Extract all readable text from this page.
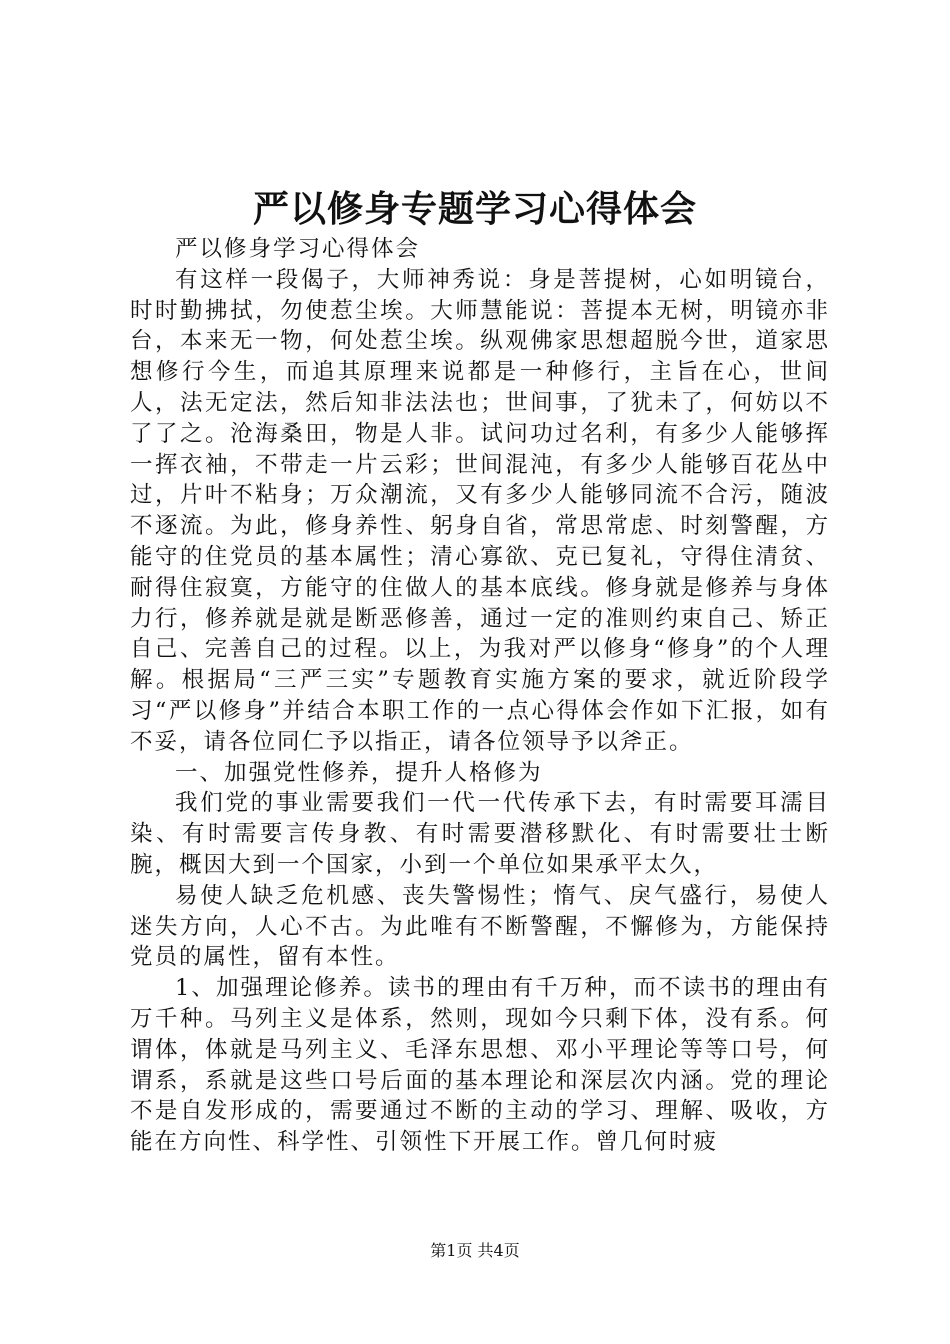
严以修身专题学习心得体会

严以修身学习心得体会

有这样一段偈子，大师神秀说：身是菩提树，心如明镜台，时时勤拂拭，勿使惹尘埃。大师慧能说：菩提本无树，明镜亦非台，本来无一物，何处惹尘埃。纵观佛家思想超脱今世，道家思想修行今生，而追其原理来说都是一种修行，主旨在心，世间人，法无定法，然后知非法法也；世间事，了犹未了，何妨以不了了之。沧海桑田，物是人非。试问功过名利，有多少人能够挥一挥衣袖，不带走一片云彩；世间混沌，有多少人能够百花丛中过，片叶不粘身；万众潮流，又有多少人能够同流不合污，随波不逐流。为此，修身养性、躬身自省，常思常虑、时刻警醒，方能守的住党员的基本属性；清心寡欲、克已复礼，守得住清贫、耐得住寂寞，方能守的住做人的基本底线。修身就是修养与身体力行，修养就是就是断恶修善，通过一定的准则约束自己、矫正自己、完善自己的过程。以上，为我对严以修身“修身”的个人理解。根据局“三严三实”专题教育实施方案的要求，就近阶段学习“严以修身”并结合本职工作的一点心得体会作如下汇报，如有不妥，请各位同仁予以指正，请各位领导予以斧正。

一、加强党性修养，提升人格修为

我们党的事业需要我们一代一代传承下去，有时需要耳濡目染、有时需要言传身教、有时需要潜移默化、有时需要壮士断腕，概因大到一个国家，小到一个单位如果承平太久，

易使人缺乏危机感、丧失警惕性；惰气、戾气盛行，易使人迷失方向，人心不古。为此唯有不断警醒，不懈修为，方能保持党员的属性，留有本性。

1、加强理论修养。读书的理由有千万种，而不读书的理由有万千种。马列主义是体系，然则，现如今只剩下体，没有系。何谓体，体就是马列主义、毛泽东思想、邓小平理论等等口号，何谓系，系就是这些口号后面的基本理论和深层次内涵。党的理论不是自发形成的，需要通过不断的主动的学习、理解、吸收，方能在方向性、科学性、引领性下开展工作。曾几何时疲

第1页 共4页
